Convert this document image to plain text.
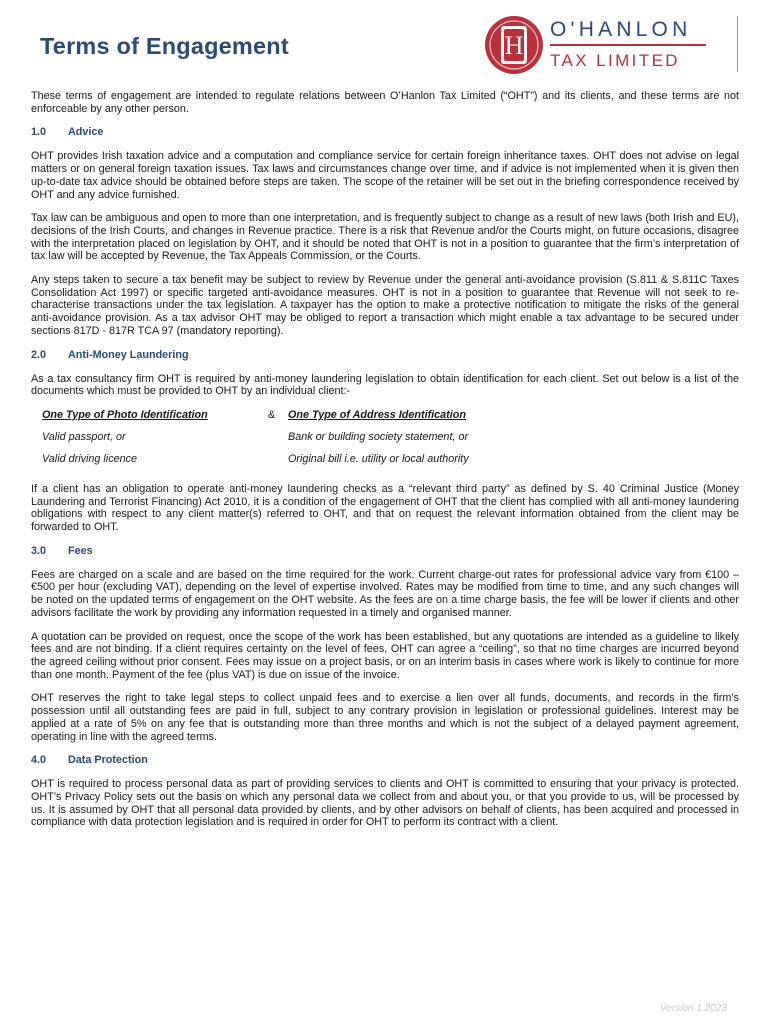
Terms of Engagement	H
O'HANLON
TAX LIMITED

These terms of engagement are intended to regulate relations between O’Hanlon Tax Limited (“OHT”) and its clients, and these terms are not enforceable by any other person.

1.0 Advice

OHT provides Irish taxation advice and a computation and compliance service for certain foreign inheritance taxes. OHT does not advise on legal matters or on general foreign taxation issues. Tax laws and circumstances change over time, and if advice is not implemented when it is given then up-to-date tax advice should be obtained before steps are taken. The scope of the retainer will be set out in the briefing correspondence received by OHT and any advice furnished.

Tax law can be ambiguous and open to more than one interpretation, and is frequently subject to change as a result of new laws (both Irish and EU), decisions of the Irish Courts, and changes in Revenue practice. There is a risk that Revenue and/or the Courts might, on future occasions, disagree with the interpretation placed on legislation by OHT, and it should be noted that OHT is not in a position to guarantee that the firm’s interpretation of tax law will be accepted by Revenue, the Tax Appeals Commission, or the Courts.

Any steps taken to secure a tax benefit may be subject to review by Revenue under the general anti-avoidance provision (S.811 & S.811C Taxes Consolidation Act 1997) or specific targeted anti-avoidance measures. OHT is not in a position to guarantee that Revenue will not seek to re-characterise transactions under the tax legislation. A taxpayer has the option to make a protective notification to mitigate the risks of the general anti-avoidance provision. As a tax advisor OHT may be obliged to report a transaction which might enable a tax advantage to be secured under sections 817D - 817R TCA 97 (mandatory reporting).

2.0 Anti-Money Laundering

As a tax consultancy firm OHT is required by anti-money laundering legislation to obtain identification for each client. Set out below is a list of the documents which must be provided to OHT by an individual client:-

One Type of Photo Identification	&	One Type of Address Identification
Valid passport, or	Bank or building society statement, or
Valid driving licence	Original bill i.e. utility or local authority

If a client has an obligation to operate anti-money laundering checks as a “relevant third party” as defined by S. 40 Criminal Justice (Money Laundering and Terrorist Financing) Act 2010, it is a condition of the engagement of OHT that the client has complied with all anti-money laundering obligations with respect to any client matter(s) referred to OHT, and that on request the relevant information obtained from the client may be forwarded to OHT.

3.0 Fees

Fees are charged on a scale and are based on the time required for the work. Current charge-out rates for professional advice vary from €100 – €500 per hour (excluding VAT), depending on the level of expertise involved. Rates may be modified from time to time, and any such changes will be noted on the updated terms of engagement on the OHT website. As the fees are on a time charge basis, the fee will be lower if clients and other advisors facilitate the work by providing any information requested in a timely and organised manner.

A quotation can be provided on request, once the scope of the work has been established, but any quotations are intended as a guideline to likely fees and are not binding. If a client requires certainty on the level of fees, OHT can agree a “ceiling”, so that no time charges are incurred beyond the agreed ceiling without prior consent. Fees may issue on a project basis, or on an interim basis in cases where work is likely to continue for more than one month. Payment of the fee (plus VAT) is due on issue of the invoice.

OHT reserves the right to take legal steps to collect unpaid fees and to exercise a lien over all funds, documents, and records in the firm’s possession until all outstanding fees are paid in full, subject to any contrary provision in legislation or professional guidelines. Interest may be applied at a rate of 5% on any fee that is outstanding more than three months and which is not the subject of a delayed payment agreement, operating in line with the agreed terms.

4.0 Data Protection

OHT is required to process personal data as part of providing services to clients and OHT is committed to ensuring that your privacy is protected. OHT’s Privacy Policy sets out the basis on which any personal data we collect from and about you, or that you provide to us, will be processed by us. It is assumed by OHT that all personal data provided by clients, and by other advisors on behalf of clients, has been acquired and processed in compliance with data protection legislation and is required in order for OHT to perform its contract with a client.

Version 1 2023
